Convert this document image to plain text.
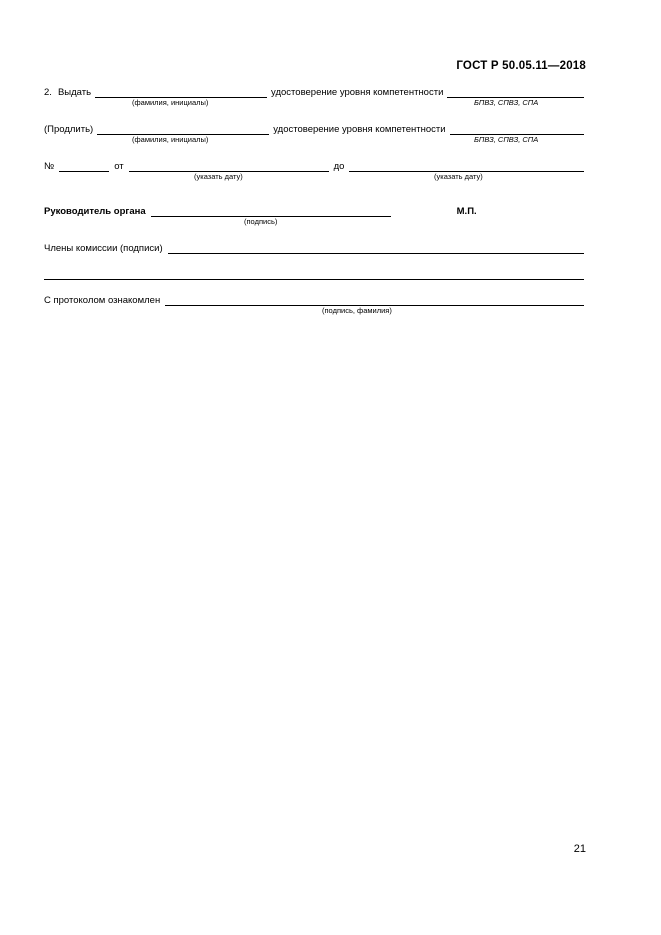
ГОСТ Р 50.05.11—2018
2. Выдать	удостоверение уровня компетентности
(фамилия, инициалы)	БПВЗ, СПВЗ, СПА
(Продлить)	удостоверение уровня компетентности
(фамилия, инициалы)	БПВЗ, СПВЗ, СПА
№	от	до
(указать дату)	(указать дату)
Руководитель органа	М.П.
(подпись)
Члены комиссии (подписи)
С протоколом ознакомлен
(подпись, фамилия)
21
